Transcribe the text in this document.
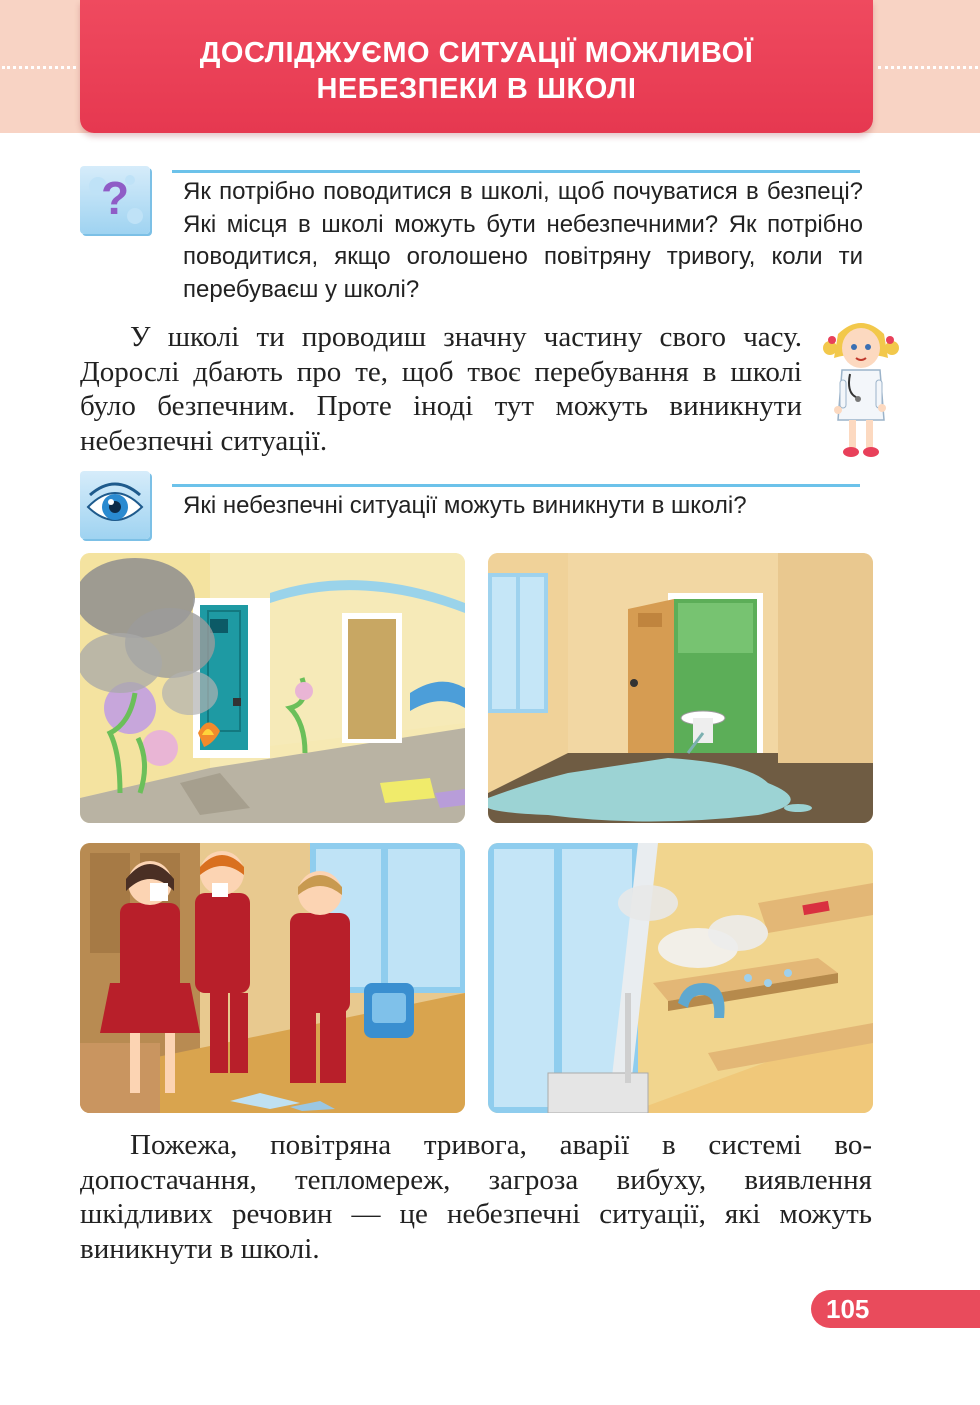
ДОСЛІДЖУЄМО СИТУАЦІЇ МОЖЛИВОЇ
НЕБЕЗПЕКИ В ШКОЛІ
? Як потрібно поводитися в школі, щоб почуватися в безпеці? Які місця в школі можуть бути небезпечними? Як потрібно поводитися, якщо оголошено повітряну тривогу, коли ти перебуваєш у школі?
У школі ти проводиш значну частину свого часу. Дорослі дбають про те, щоб твоє перебування в школі було безпечним. Проте іноді тут можуть виникнути небезпечні ситуації.
Які небезпечні ситуації можуть виникнути в школі?
Пожежа, повітряна тривога, аварії в системі водопостачання, тепломереж, загроза вибуху, виявлення шкідливих речовин — це небезпечні ситуації, які можуть виникнути в школі.
105
